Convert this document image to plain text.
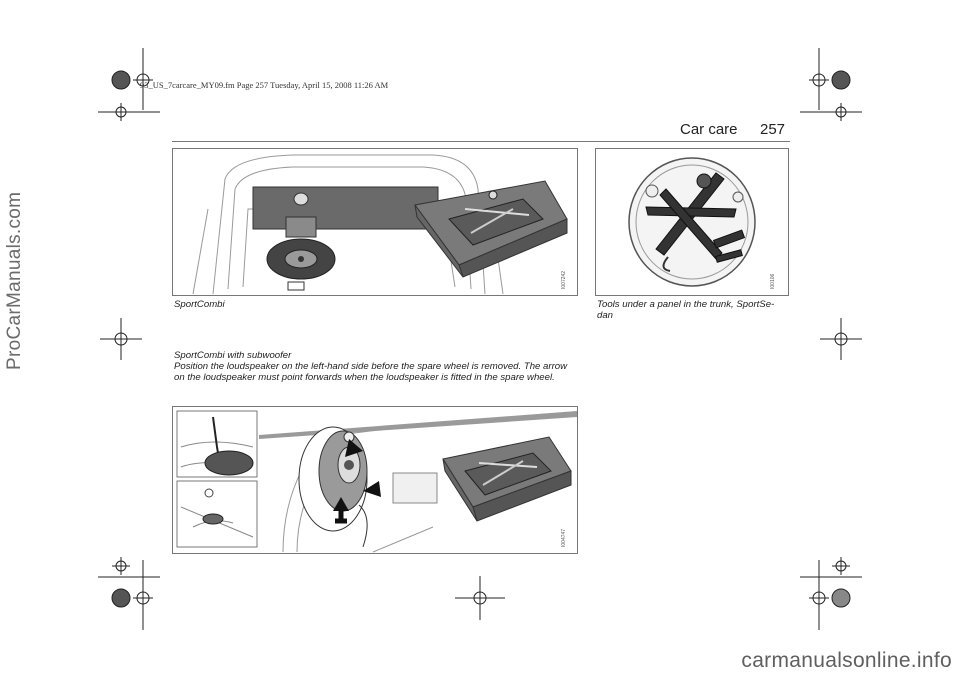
ProCarManuals.com
93_US_7carcare_MY09.fm Page 257 Tuesday, April 15, 2008 11:26 AM
Car care 257
I007242	I00106
SportCombi	Tools under a panel in the trunk, SportSe-dan

SportCombi with subwoofer

Position the loudspeaker on the left-hand side before the spare wheel is removed. The arrow on the loudspeaker must point forwards when the loudspeaker is fitted in the spare wheel.

I004747
carmanualsonline.info
